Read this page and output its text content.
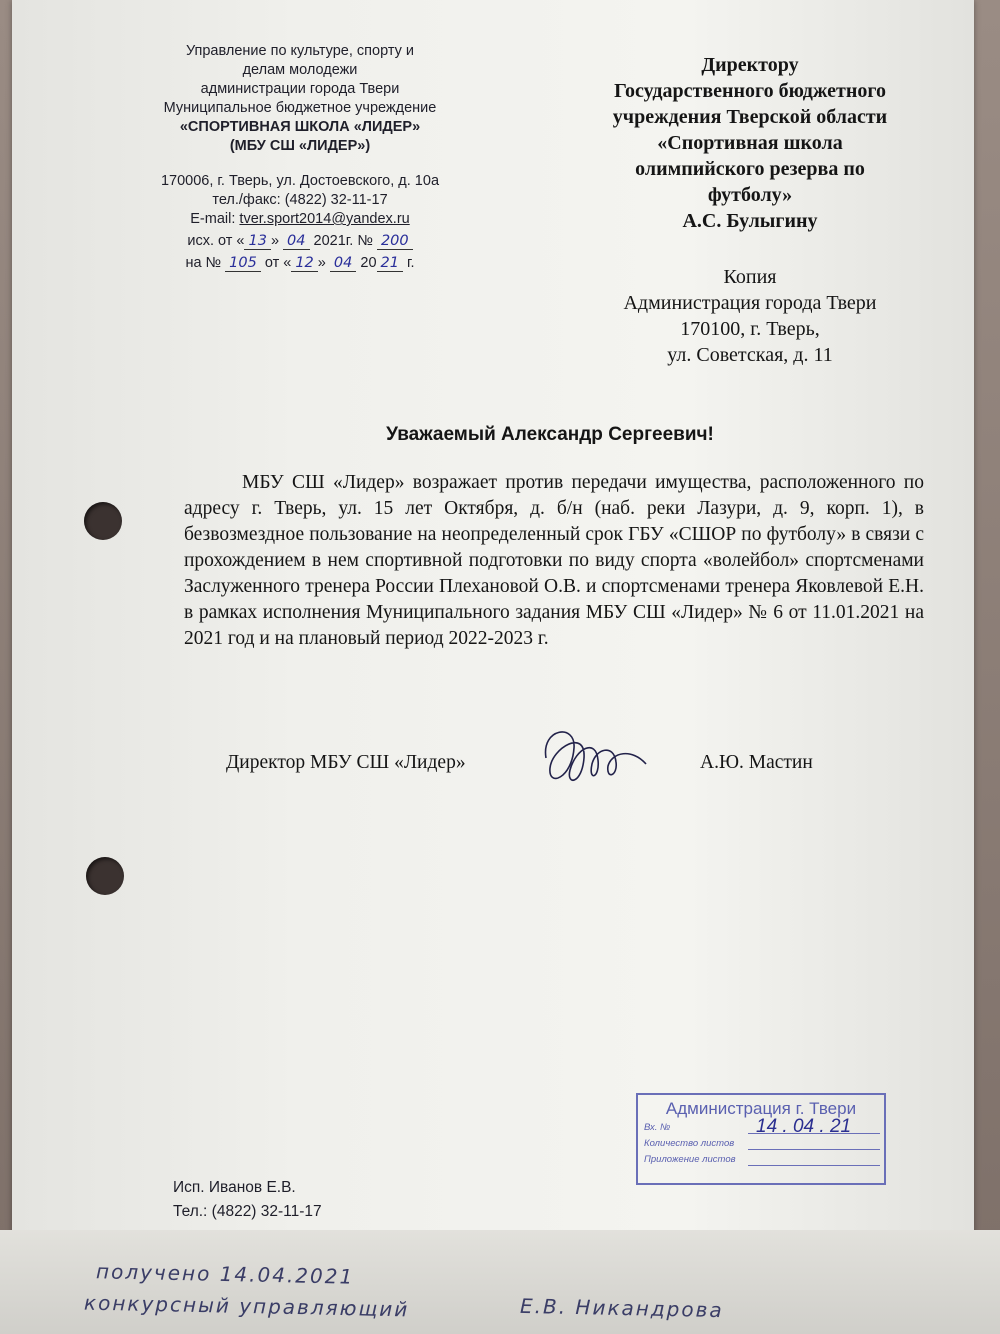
Управление по культуре, спорту и
делам молодежи
администрации города Твери
Муниципальное бюджетное учреждение
«СПОРТИВНАЯ ШКОЛА «ЛИДЕР»
(МБУ СШ «ЛИДЕР»)
170006, г. Тверь, ул. Достоевского, д. 10а
тел./факс: (4822) 32-11-17
E-mail: tver.sport2014@yandex.ru
исх. от « 13 » 04 2021г. № 200
на № 105 от « 12 » 04 20 21 г.
Директору
Государственного бюджетного
учреждения Тверской области
«Спортивная школа
олимпийского резерва по
футболу»
А.С. Булыгину
Копия
Администрация города Твери
170100, г. Тверь,
ул. Советская, д. 11
Уважаемый Александр Сергеевич!
МБУ СШ «Лидер» возражает против передачи имущества, расположенного по адресу г. Тверь, ул. 15 лет Октября, д. б/н (наб. реки Лазури, д. 9, корп. 1), в безвозмездное пользование на неопределенный срок ГБУ «СШОР по футболу» в связи с прохождением в нем спортивной подготовки по виду спорта «волейбол» спортсменами Заслуженного тренера России Плехановой О.В. и спортсменами тренера Яковлевой Е.Н. в рамках исполнения Муниципального задания МБУ СШ «Лидер» № 6 от 11.01.2021 на 2021 год и на плановый период 2022-2023 г.
Директор МБУ СШ «Лидер»	А.Ю. Мастин
Администрация г. Твери
Вх. №
Количество листов
Приложение листов
14 . 04 . 21
Исп. Иванов Е.В.
Тел.: (4822) 32-11-17
получено 14.04.2021
конкурсный управляющий	Е.В. Никандрова
